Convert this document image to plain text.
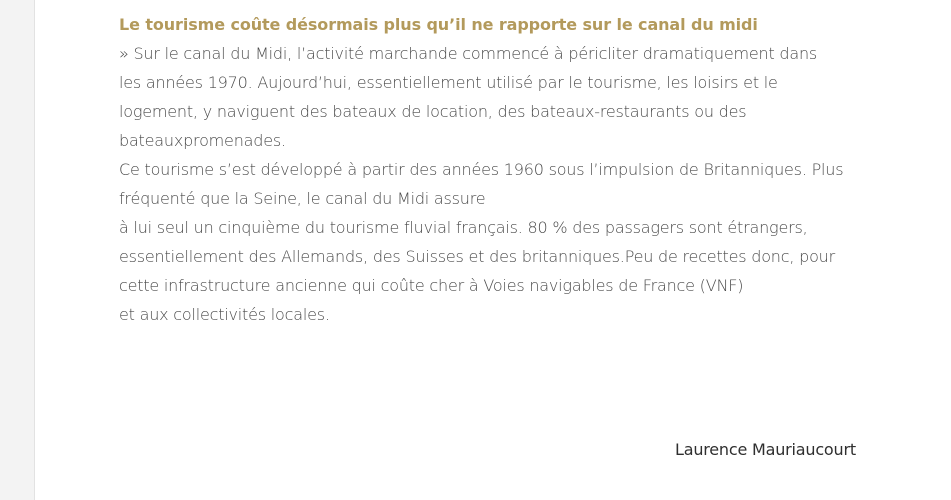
Le tourisme coûte désormais plus qu’il ne rapporte sur le canal du midi
» Sur le canal du Midi, l’activité marchande commencé à péricliter dramatiquement dans
les années 1970. Aujourd’hui, essentiellement utilisé par le tourisme, les loisirs et le
logement, y naviguent des bateaux de location, des bateaux-restaurants ou des
bateauxpromenades.
Ce tourisme s’est développé à partir des années 1960 sous l’impulsion de Britanniques. Plus
fréquenté que la Seine, le canal du Midi assure
à lui seul un cinquième du tourisme fluvial français. 80 % des passagers sont étrangers,
essentiellement des Allemands, des Suisses et des britanniques.Peu de recettes donc, pour
cette infrastructure ancienne qui coûte cher à Voies navigables de France (VNF)
et aux collectivités locales.
Laurence Mauriaucourt
